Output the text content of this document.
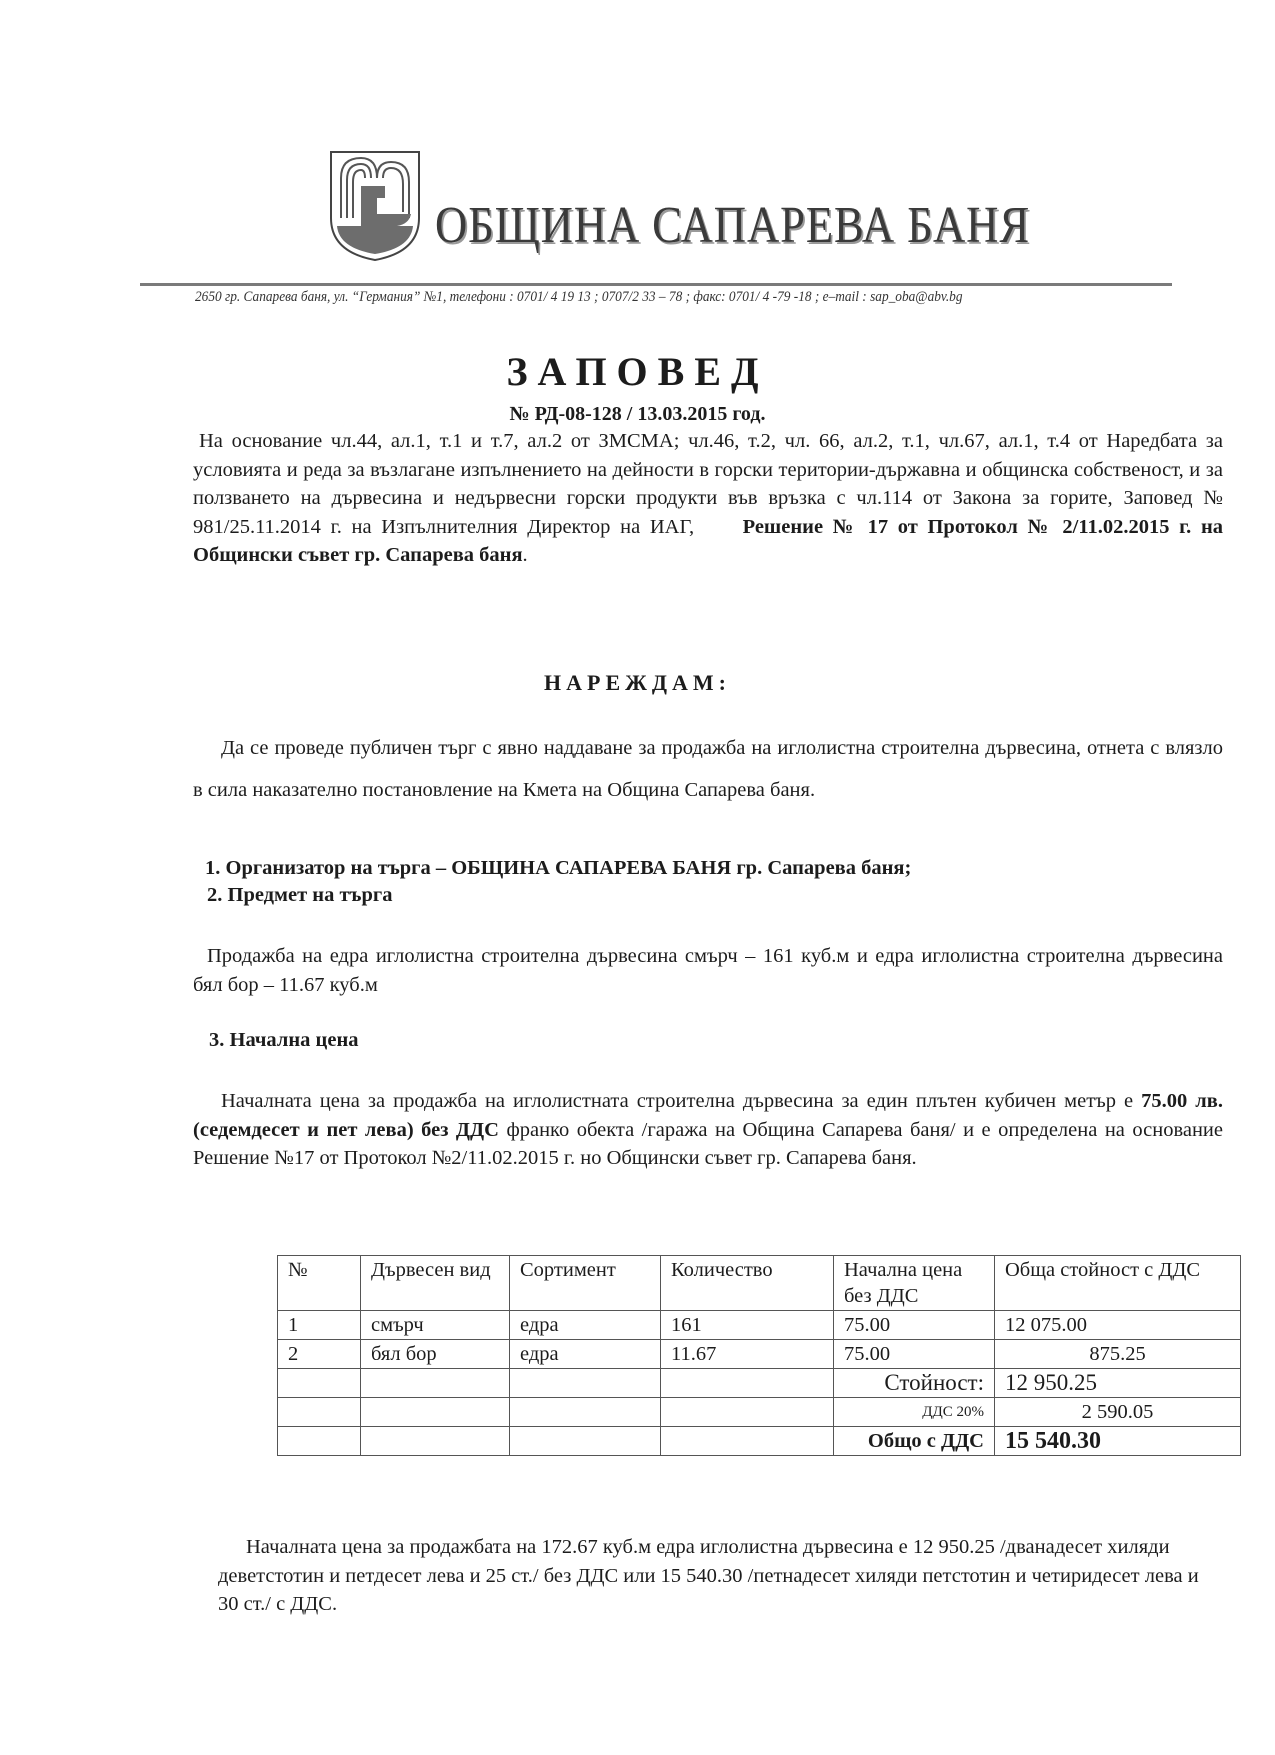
ОБЩИНА САПАРЕВА БАНЯ
2650 гр. Сапарева баня, ул. “Германия” №1, телефони : 0701/ 4 19 13 ; 0707/2 33 – 78 ; факс: 0701/ 4 -79 -18 ; e–mail : sap_oba@abv.bg
ЗАПОВЕД
№ РД-08-128 / 13.03.2015 год.
На основание чл.44, ал.1, т.1 и т.7, ал.2 от ЗМСМА; чл.46, т.2, чл. 66, ал.2, т.1, чл.67, ал.1, т.4 от Наредбата за условията и реда за възлагане изпълнението на дейности в горски територии-държавна и общинска собственост, и за ползването на дървесина и недървесни горски продукти във връзка с чл.114 от Закона за горите, Заповед № 981/25.11.2014 г. на Изпълнителния Директор на ИАГ, Решение № 17 от Протокол № 2/11.02.2015 г. на Общински съвет гр. Сапарева баня.
НАРЕЖДАМ:
Да се проведе публичен търг с явно наддаване за продажба на иглолистна строителна дървесина, отнета с влязло в сила наказателно постановление на Кмета на Община Сапарева баня.
1. Организатор на търга – ОБЩИНА САПАРЕВА БАНЯ гр. Сапарева баня;
2. Предмет на търга
Продажба на едра иглолистна строителна дървесина смърч – 161 куб.м и едра иглолистна строителна дървесина бял бор – 11.67 куб.м
3. Начална цена
Началната цена за продажба на иглолистната строителна дървесина за един плътен кубичен метър е 75.00 лв. (седемдесет и пет лева) без ДДС франко обекта /гаража на Община Сапарева баня/ и е определена на основание Решение №17 от Протокол №2/11.02.2015 г. но Общински съвет гр. Сапарева баня.
№	Дървесен вид	Сортимент	Количество	Начална цена без ДДС	Обща стойност с ДДС
1	смърч	едра	161	75.00	12 075.00
2	бял бор	едра	11.67	75.00	875.25
				Стойност:	12 950.25
				ДДС 20%	2 590.05
				Общо с ДДС	15 540.30
Началната цена за продажбата на 172.67 куб.м едра иглолистна дървесина е 12 950.25 /дванадесет хиляди деветстотин и петдесет лева и 25 ст./ без ДДС или 15 540.30 /петнадесет хиляди петстотин и четиридесет лева и 30 ст./ с ДДС.
